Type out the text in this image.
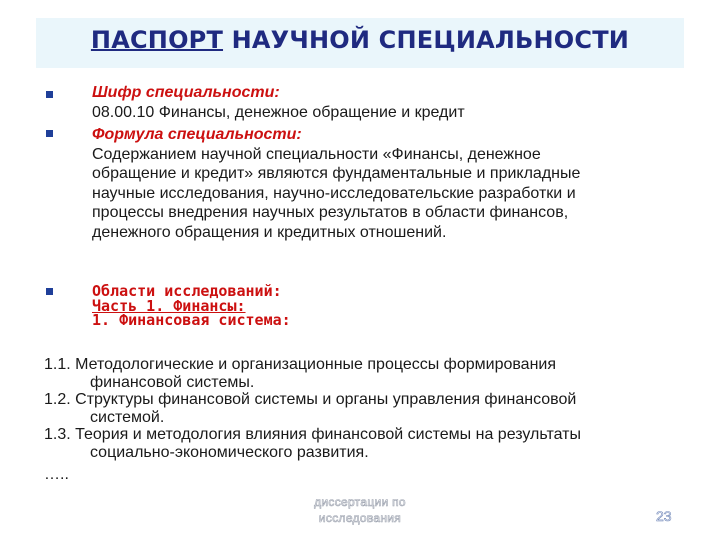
ПАСПОРТ НАУЧНОЙ СПЕЦИАЛЬНОСТИ
Шифр специальности:
08.00.10 Финансы, денежное обращение и кредит
Формула специальности:
Содержанием научной специальности «Финансы, денежное
обращение и кредит» являются фундаментальные и прикладные
научные исследования, научно-исследовательские разработки и
процессы внедрения научных результатов в области финансов,
денежного обращения и кредитных отношений.
Области исследований:
Часть 1. Финансы:
1. Финансовая система:
1.1. Методологические и организационные процессы формирования
финансовой системы.
1.2. Структуры финансовой системы и органы управления финансовой
системой.
1.3. Теория и методология влияния финансовой системы на результаты
социально-экономического развития.
…..
диссертации по
исследования	23
